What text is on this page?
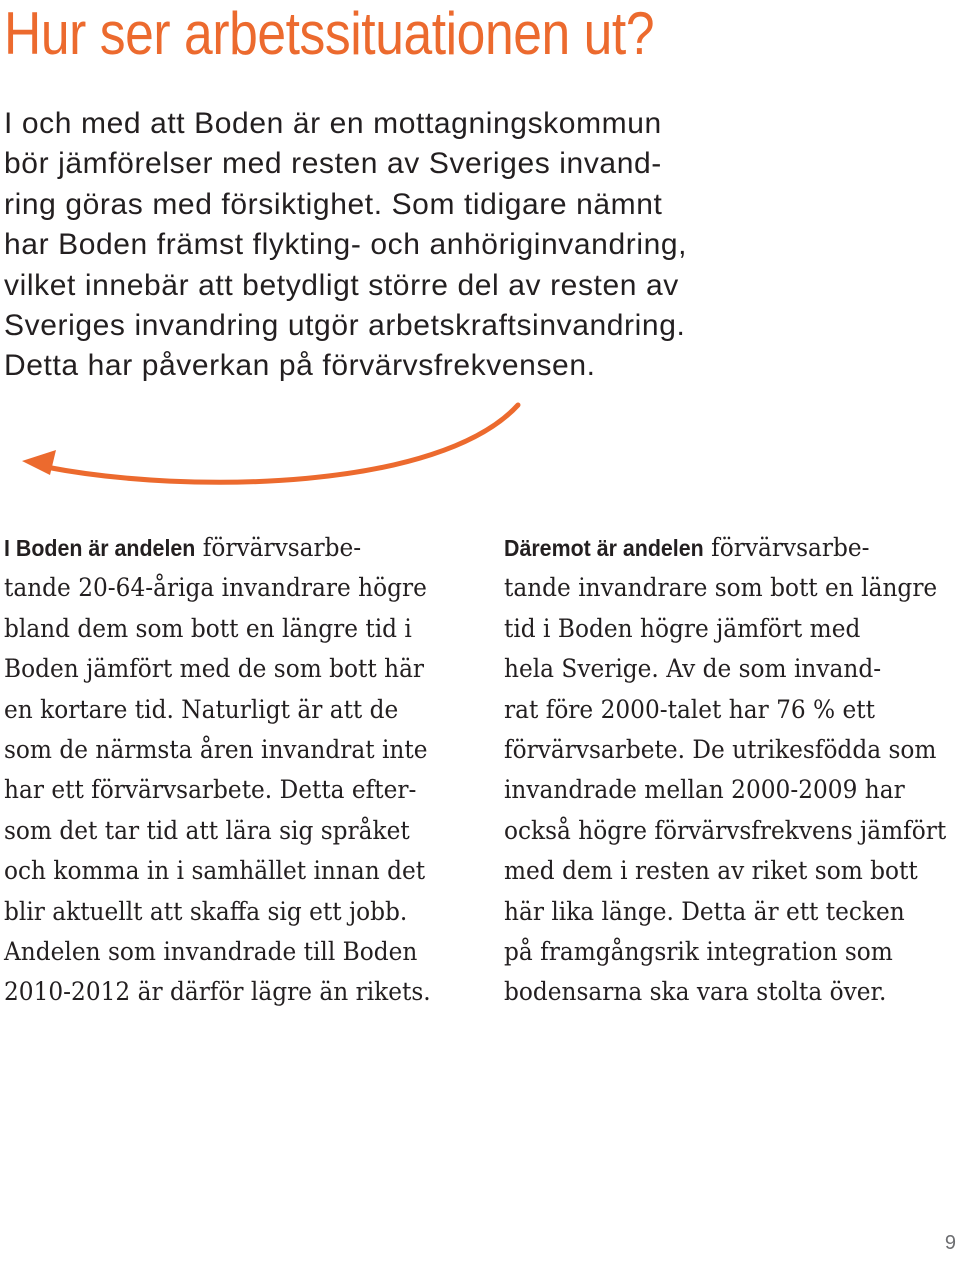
Hur ser arbetssituationen ut?

I och med att Boden är en mottagningskommun
bör jämförelser med resten av Sveriges invand-
ring göras med försiktighet. Som tidigare nämnt
har Boden främst flykting- och anhöriginvandring,
vilket innebär att betydligt större del av resten av
Sveriges invandring utgör arbetskraftsinvandring.
Detta har påverkan på förvärvsfrekvensen.

I Boden är andelen förvärvsarbe-
tande 20-64-åriga invandrare högre
bland dem som bott en längre tid i
Boden jämfört med de som bott här
en kortare tid. Naturligt är att de
som de närmsta åren invandrat inte
har ett förvärvsarbete. Detta efter-
som det tar tid att lära sig språket
och komma in i samhället innan det
blir aktuellt att skaffa sig ett jobb.
Andelen som invandrade till Boden
2010-2012 är därför lägre än rikets.
Däremot är andelen förvärvsarbe-
tande invandrare som bott en längre
tid i Boden högre jämfört med
hela Sverige. Av de som invand-
rat före 2000-talet har 76 % ett
förvärvsarbete. De utrikesfödda som
invandrade mellan 2000-2009 har
också högre förvärvsfrekvens jämfört
med dem i resten av riket som bott
här lika länge. Detta är ett tecken
på framgångsrik integration som
bodensarna ska vara stolta över.
9
